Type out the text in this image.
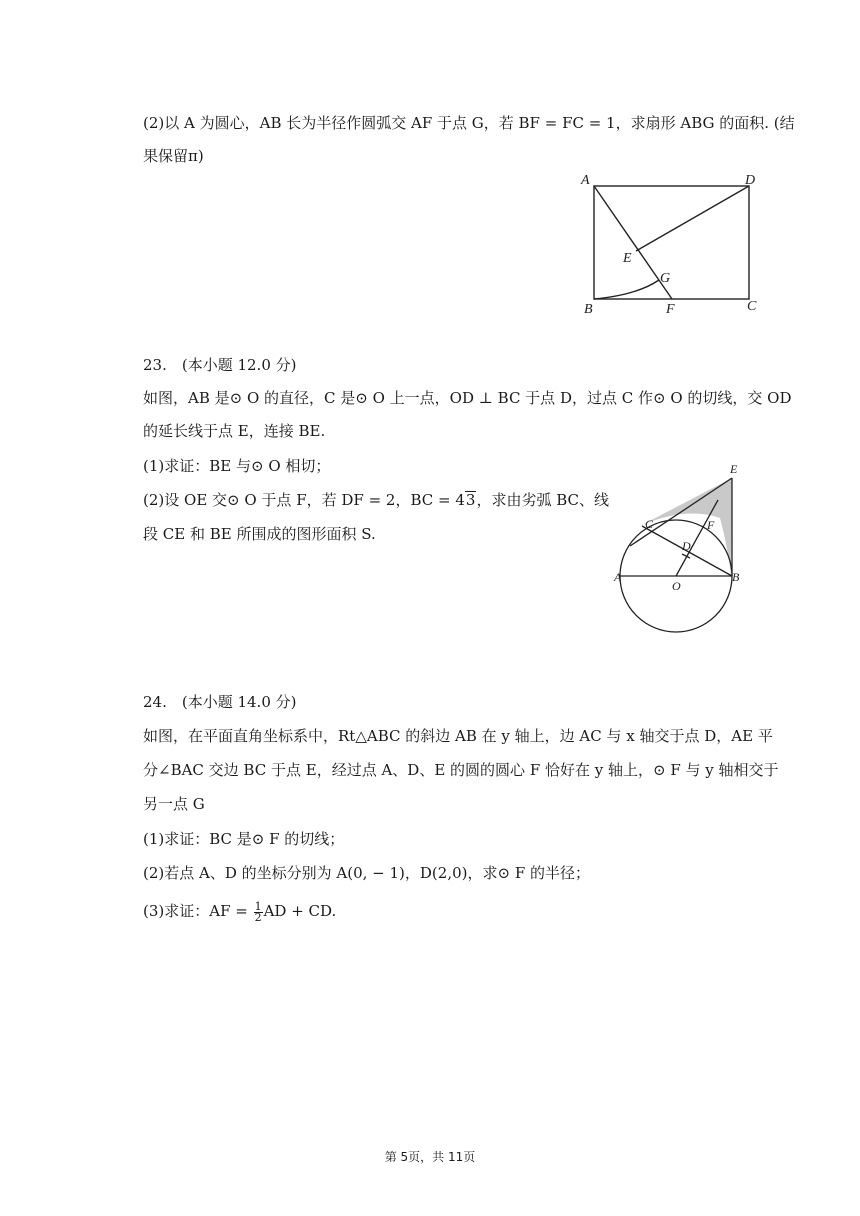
(2)以 A 为圆心，AB 长为半径作圆弧交 AF 于点 G，若 BF = FC = 1，求扇形 ABG 的面积. (结
果保留π)
A	D
E
G
B	F	C
23.　(本小题 12.0 分)
如图，AB 是⊙ O 的直径，C 是⊙ O 上一点，OD ⊥ BC 于点 D，过点 C 作⊙ O 的切线，交 OD
的延长线于点 E，连接 BE.
(1)求证：BE 与⊙ O 相切；
(2)设 OE 交⊙ O 于点 F，若 DF = 2，BC = 43，求由劣弧 BC、线
段 CE 和 BE 所围成的图形面积 S.
E
C	F
D
A
O
B
24.　(本小题 14.0 分)
如图，在平面直角坐标系中，Rt△ABC 的斜边 AB 在 y 轴上，边 AC 与 x 轴交于点 D，AE 平
分∠BAC 交边 BC 于点 E，经过点 A、D、E 的圆的圆心 F 恰好在 y 轴上，⊙ F 与 y 轴相交于
另一点 G
(1)求证：BC 是⊙ F 的切线；
(2)若点 A、D 的坐标分别为 A(0, − 1)，D(2,0)，求⊙ F 的半径；
(3)求证：AF = $\frac{1}{2}$ AD + CD.
第 5页，共 11页
